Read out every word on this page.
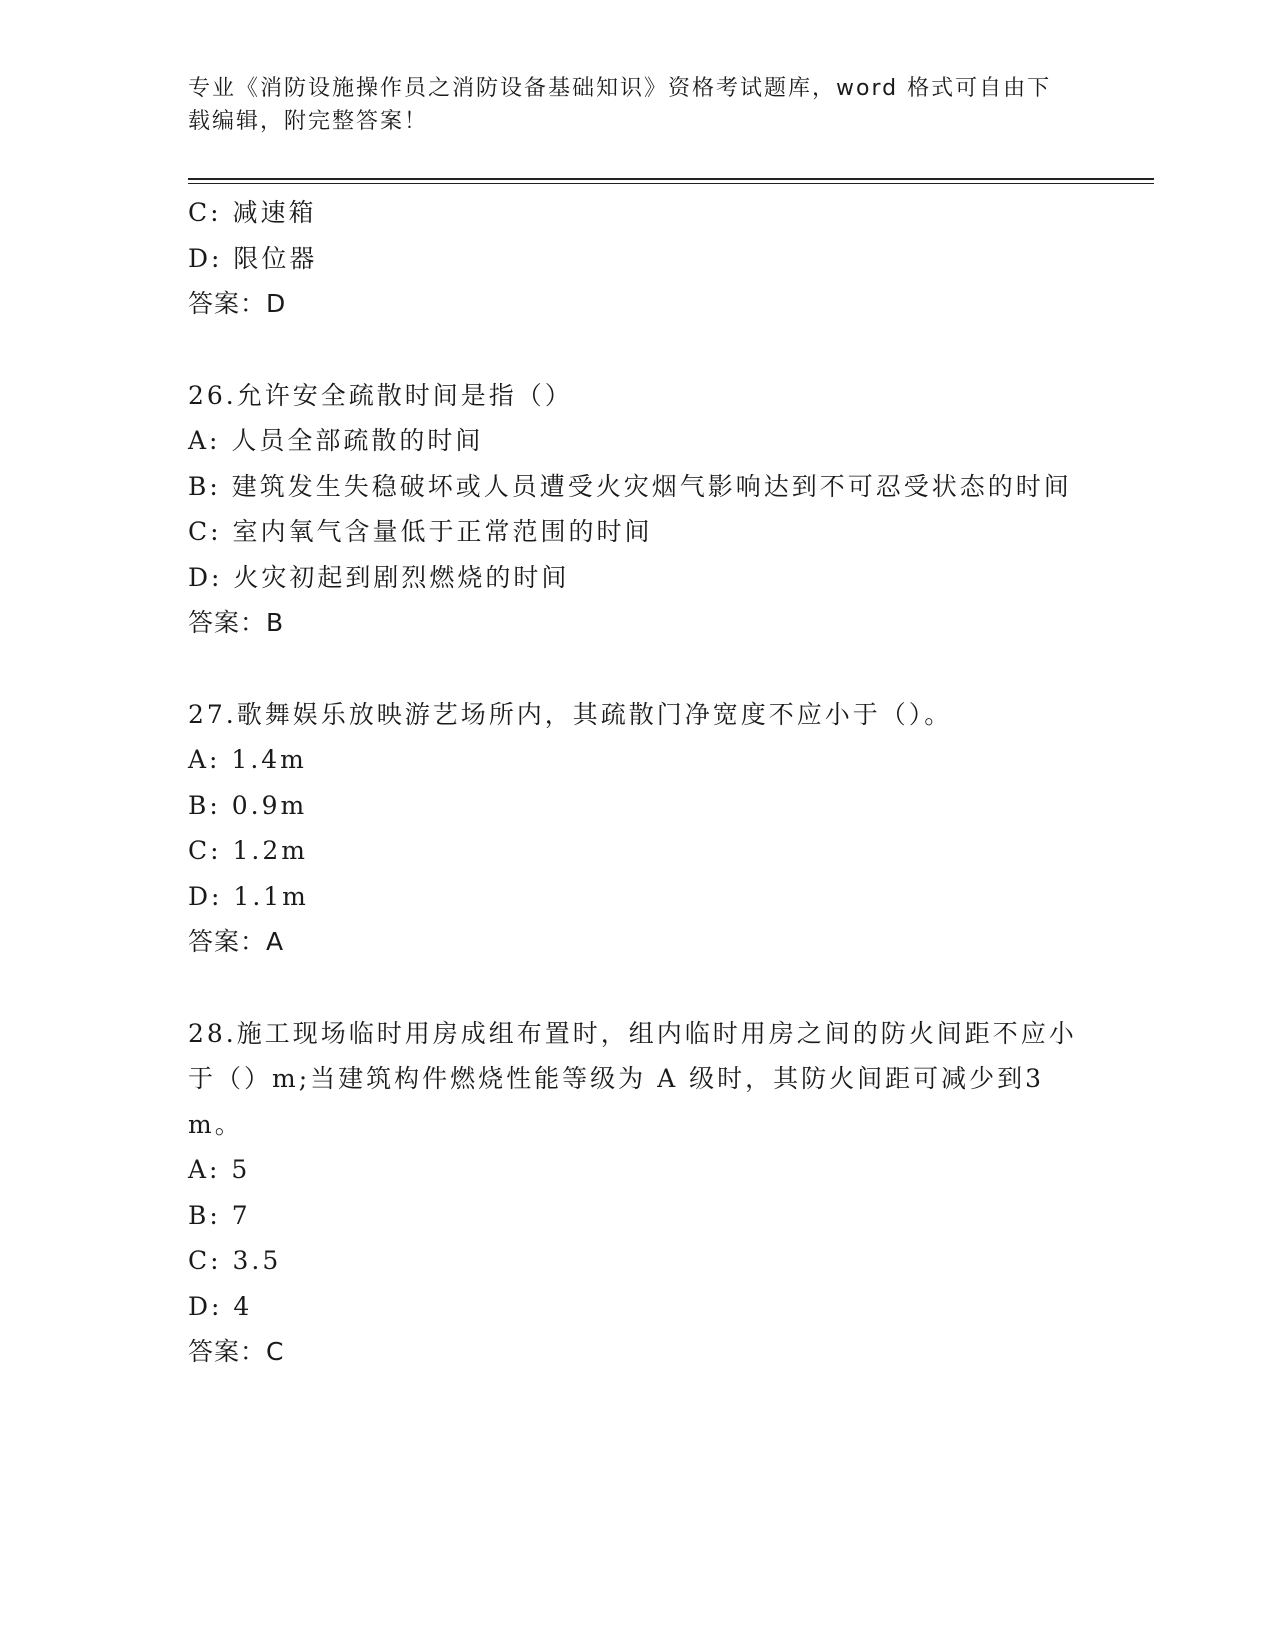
专业《消防设施操作员之消防设备基础知识》资格考试题库，word 格式可自由下载编辑，附完整答案！
C: 减速箱
D: 限位器
答案：D
26.允许安全疏散时间是指（）
A: 人员全部疏散的时间
B: 建筑发生失稳破坏或人员遭受火灾烟气影响达到不可忍受状态的时间
C: 室内氧气含量低于正常范围的时间
D: 火灾初起到剧烈燃烧的时间
答案：B
27.歌舞娱乐放映游艺场所内，其疏散门净宽度不应小于（）。
A: 1.4m
B: 0.9m
C: 1.2m
D: 1.1m
答案：A
28.施工现场临时用房成组布置时，组内临时用房之间的防火间距不应小于（）m;当建筑构件燃烧性能等级为 A 级时，其防火间距可减少到3m。
A: 5
B: 7
C: 3.5
D: 4
答案：C
